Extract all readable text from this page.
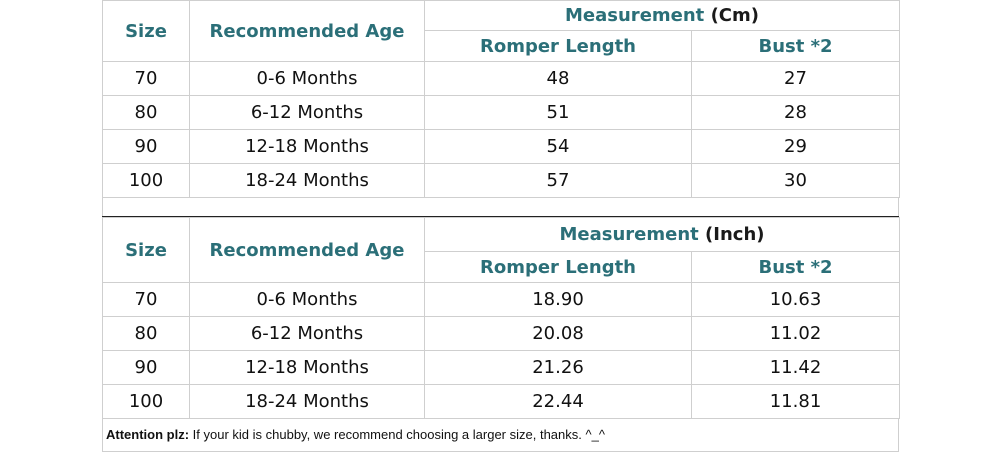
Size	Recommended Age	Measurement (Cm)	
		Romper Length	Bust *2
70	0-6 Months	48	27
80	6-12 Months	51	28
90	12-18 Months	54	29
100	18-24 Months	57	30
Size	Recommended Age	Measurement (Inch)	
		Romper Length	Bust *2
70	0-6 Months	18.90	10.63
80	6-12 Months	20.08	11.02
90	12-18 Months	21.26	11.42
100	18-24 Months	22.44	11.81
Attention plz: If your kid is chubby, we recommend choosing a larger size, thanks. ^_^
